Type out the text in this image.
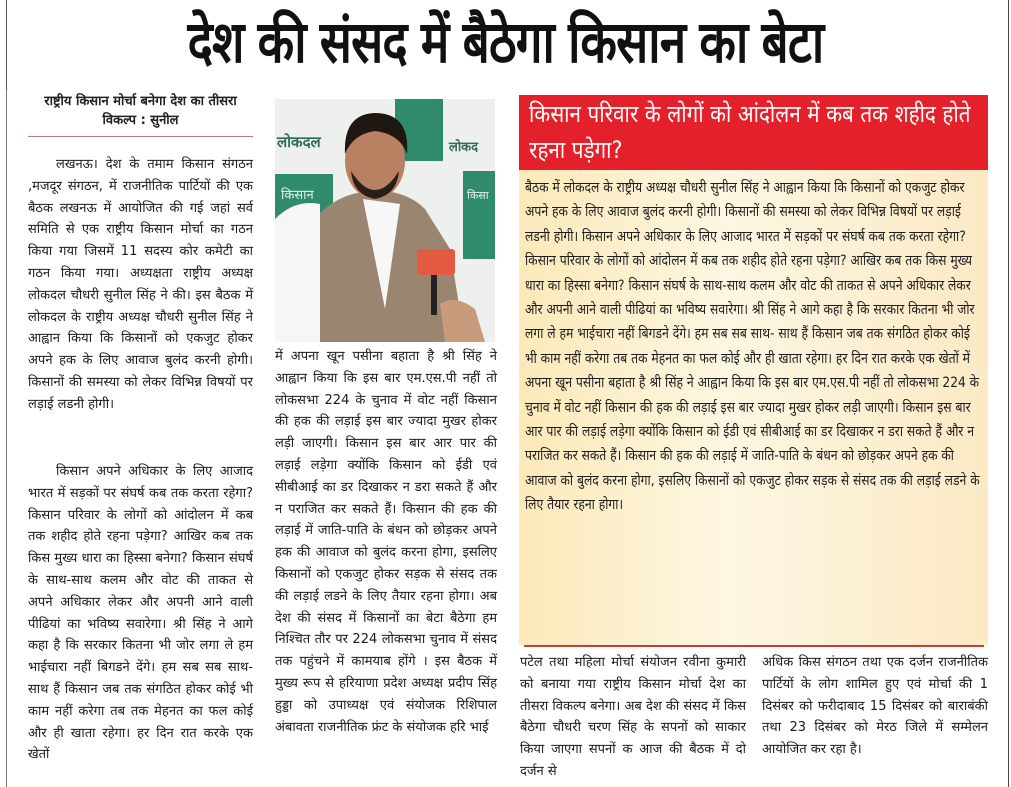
देश की संसद में बैठेगा किसान का बेटा
राष्ट्रीय किसान मोर्चा बनेगा देश का तीसरा विकल्प : सुनील

लखनऊ। देश के तमाम किसान संगठन ,मजदूर संगठन, में राजनीतिक पार्टियों की एक बैठक लखनऊ में आयोजित की गई जहां सर्व समिति से एक राष्ट्रीय किसान मोर्चा का गठन किया गया जिसमें 11 सदस्य कोर कमेटी का गठन किया गया। अध्यक्षता राष्ट्रीय अध्यक्ष लोकदल चौधरी सुनील सिंह ने की। इस बैठक में लोकदल के राष्ट्रीय अध्यक्ष चौधरी सुनील सिंह ने आह्वान किया कि किसानों को एकजुट होकर अपने हक के लिए आवाज बुलंद करनी होगी। किसानों की समस्या को लेकर विभिन्न विषयों पर लड़ाई लडनी होगी।

किसान अपने अधिकार के लिए आजाद भारत में सड़कों पर संघर्ष कब तक करता रहेगा? किसान परिवार के लोगों को आंदोलन में कब तक शहीद होते रहना पड़ेगा? आखिर कब तक किस मुख्य धारा का हिस्सा बनेगा? किसान संघर्ष के साथ-साथ कलम और वोट की ताकत से अपने अधिकार लेकर और अपनी आने वाली पीढियां का भविष्य सवारेगा। श्री सिंह ने आगे कहा है कि सरकार कितना भी जोर लगा ले हम भाईचारा नहीं बिगडने देंगे। हम सब सब साथ- साथ हैं किसान जब तक संगठित होकर कोई भी काम नहीं करेगा तब तक मेहनत का फल कोई और ही खाता रहेगा। हर दिन रात करके एक खेतों

लोकदल	लोकद
किसान	किसा

में अपना खून पसीना बहाता है श्री सिंह ने आह्वान किया कि इस बार एम.एस.पी नहीं तो लोकसभा 224 के चुनाव में वोट नहीं किसान की हक की लड़ाई इस बार ज्यादा मुखर होकर लड़ी जाएगी। किसान इस बार आर पार की लड़ाई लड़ेगा क्योंकि किसान को ईडी एवं सीबीआई का डर दिखाकर न डरा सकते हैं और न पराजित कर सकते हैं। किसान की हक की लड़ाई में जाति-पाति के बंधन को छोड़कर अपने हक की आवाज को बुलंद करना होगा, इसलिए किसानों को एकजुट होकर सड़क से संसद तक की लड़ाई लडने के लिए तैयार रहना होगा। अब देश की संसद में किसानों का बेटा बैठेगा हम निश्चित तौर पर 224 लोकसभा चुनाव में संसद तक पहुंचने में कामयाब होंगे । इस बैठक में मुख्य रूप से हरियाणा प्रदेश अध्यक्ष प्रदीप सिंह हुड्डा को उपाध्यक्ष एवं संयोजक रिशिपाल अंबावता राजनीतिक फ्रंट के संयोजक हरि भाई

किसान परिवार के लोगों को आंदोलन में कब तक शहीद होते रहना पड़ेगा?
बैठक में लोकदल के राष्ट्रीय अध्यक्ष चौधरी सुनील सिंह ने आह्वान किया कि किसानों को एकजुट होकर अपने हक के लिए आवाज बुलंद करनी होगी। किसानों की समस्या को लेकर विभिन्न विषयों पर लड़ाई लडनी होगी। किसान अपने अधिकार के लिए आजाद भारत में सड़कों पर संघर्ष कब तक करता रहेगा? किसान परिवार के लोगों को आंदोलन में कब तक शहीद होते रहना पड़ेगा? आखिर कब तक किस मुख्य धारा का हिस्सा बनेगा? किसान संघर्ष के साथ-साथ कलम और वोट की ताकत से अपने अधिकार लेकर और अपनी आने वाली पीढियां का भविष्य सवारेगा। श्री सिंह ने आगे कहा है कि सरकार कितना भी जोर लगा ले हम भाईचारा नहीं बिगडने देंगे। हम सब सब साथ- साथ हैं किसान जब तक संगठित होकर कोई भी काम नहीं करेगा तब तक मेहनत का फल कोई और ही खाता रहेगा। हर दिन रात करके एक खेतों में अपना खून पसीना बहाता है श्री सिंह ने आह्वान किया कि इस बार एम.एस.पी नहीं तो लोकसभा 224 के चुनाव में वोट नहीं किसान की हक की लड़ाई इस बार ज्यादा मुखर होकर लड़ी जाएगी। किसान इस बार आर पार की लड़ाई लड़ेगा क्योंकि किसान को ईडी एवं सीबीआई का डर दिखाकर न डरा सकते हैं और न पराजित कर सकते हैं। किसान की हक की लड़ाई में जाति-पाति के बंधन को छोड़कर अपने हक की आवाज को बुलंद करना होगा, इसलिए किसानों को एकजुट होकर सड़क से संसद तक की लड़ाई लडने के लिए तैयार रहना होगा।

पटेल तथा महिला मोर्चा संयोजन रवीना कुमारी को बनाया गया राष्ट्रीय किसान मोर्चा देश का तीसरा विकल्प बनेगा। अब देश की संसद में किस बैठेगा चौधरी चरण सिंह के सपनों को साकार किया जाएगा सपनों क आज की बैठक में दो दर्जन से

अधिक किस संगठन तथा एक दर्जन राजनीतिक पार्टियों के लोग शामिल हुए एवं मोर्चा की 1 दिसंबर को फरीदाबाद 15 दिसंबर को बाराबंकी तथा 23 दिसंबर को मेरठ जिले में सम्मेलन आयोजित कर रहा है।
